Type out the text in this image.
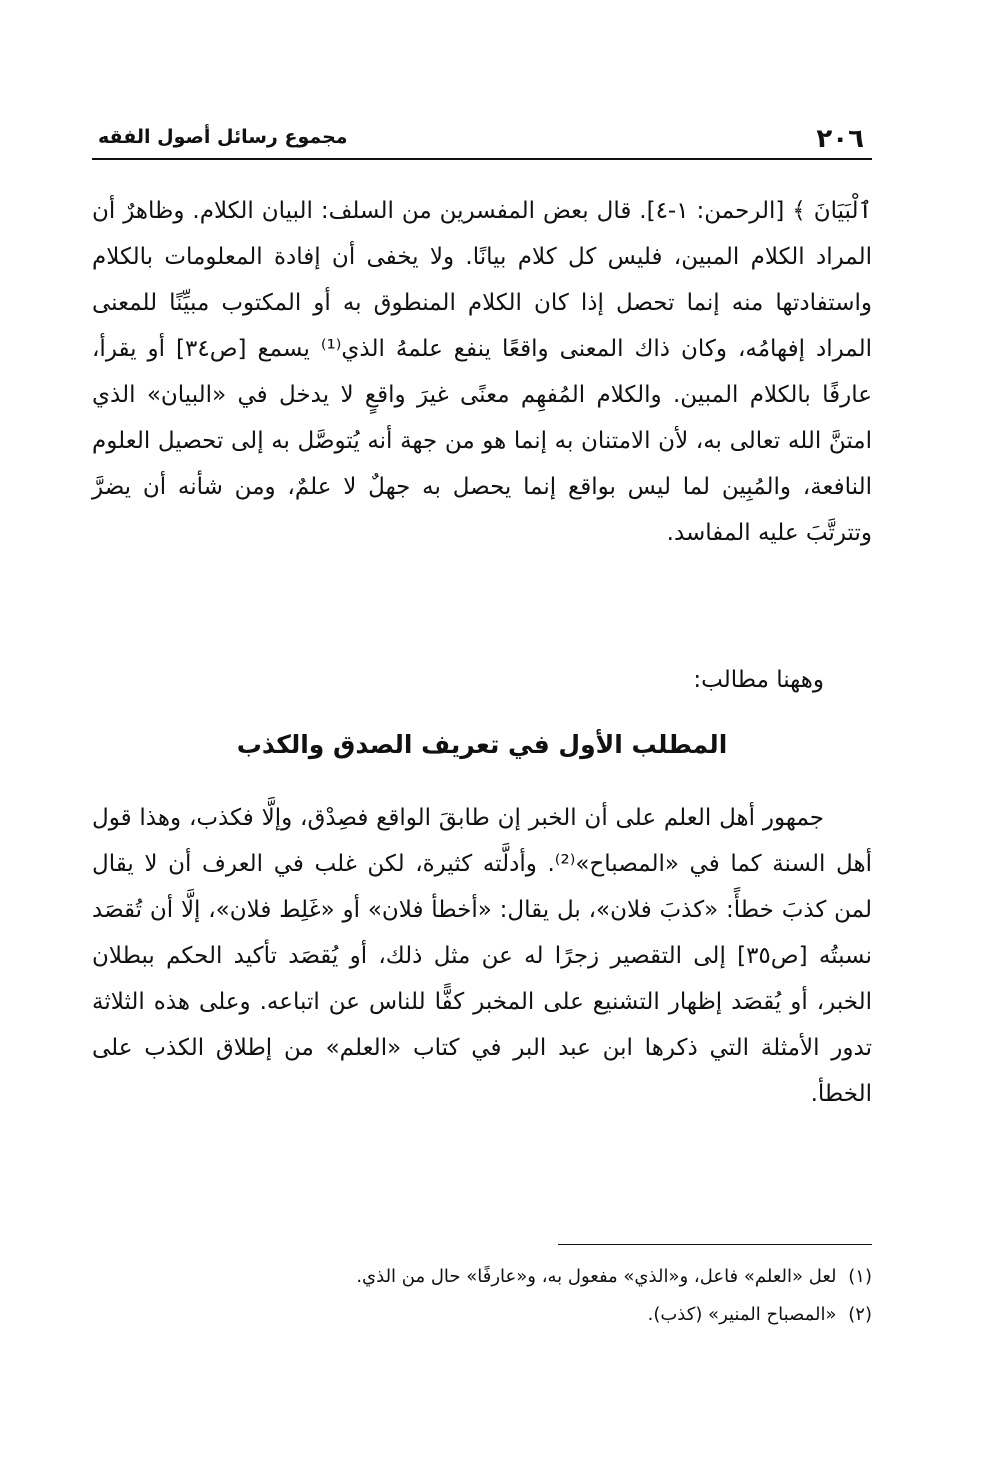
٢٠٦
مجموع رسائل أصول الفقه
ٱلْبَيَانَ ﴾ [الرحمن: ١-٤]. قال بعض المفسرين من السلف: البيان الكلام. وظاهرٌ أن المراد الكلام المبين، فليس كل كلام بيانًا. ولا يخفى أن إفادة المعلومات بالكلام واستفادتها منه إنما تحصل إذا كان الكلام المنطوق به أو المكتوب مبيِّنًا للمعنى المراد إفهامُه، وكان ذاك المعنى واقعًا ينفع علمهُ الذي⁽¹⁾ يسمع [ص٣٤] أو يقرأ، عارفًا بالكلام المبين. والكلام المُفهِم معنًى غيرَ واقعٍ لا يدخل في «البيان» الذي امتنَّ الله تعالى به، لأن الامتنان به إنما هو من جهة أنه يُتوصَّل به إلى تحصيل العلوم النافعة، والمُبِين لما ليس بواقع إنما يحصل به جهلٌ لا علمٌ، ومن شأنه أن يضرَّ وتترتَّبَ عليه المفاسد.
وههنا مطالب:
المطلب الأول في تعريف الصدق والكذب
جمهور أهل العلم على أن الخبر إن طابقَ الواقع فصِدْق، وإلَّا فكذب، وهذا قول أهل السنة كما في «المصباح»⁽²⁾. وأدلَّته كثيرة، لكن غلب في العرف أن لا يقال لمن كذبَ خطأً: «كذبَ فلان»، بل يقال: «أخطأ فلان» أو «غَلِط فلان»، إلَّا أن تُقصَد نسبتُه [ص٣٥] إلى التقصير زجرًا له عن مثل ذلك، أو يُقصَد تأكيد الحكم ببطلان الخبر، أو يُقصَد إظهار التشنيع على المخبر كفًّا للناس عن اتباعه. وعلى هذه الثلاثة تدور الأمثلة التي ذكرها ابن عبد البر في كتاب «العلم» من إطلاق الكذب على الخطأ.
(١) لعل «العلم» فاعل، و«الذي» مفعول به، و«عارفًا» حال من الذي.
(٢) «المصباح المنير» (كذب).
